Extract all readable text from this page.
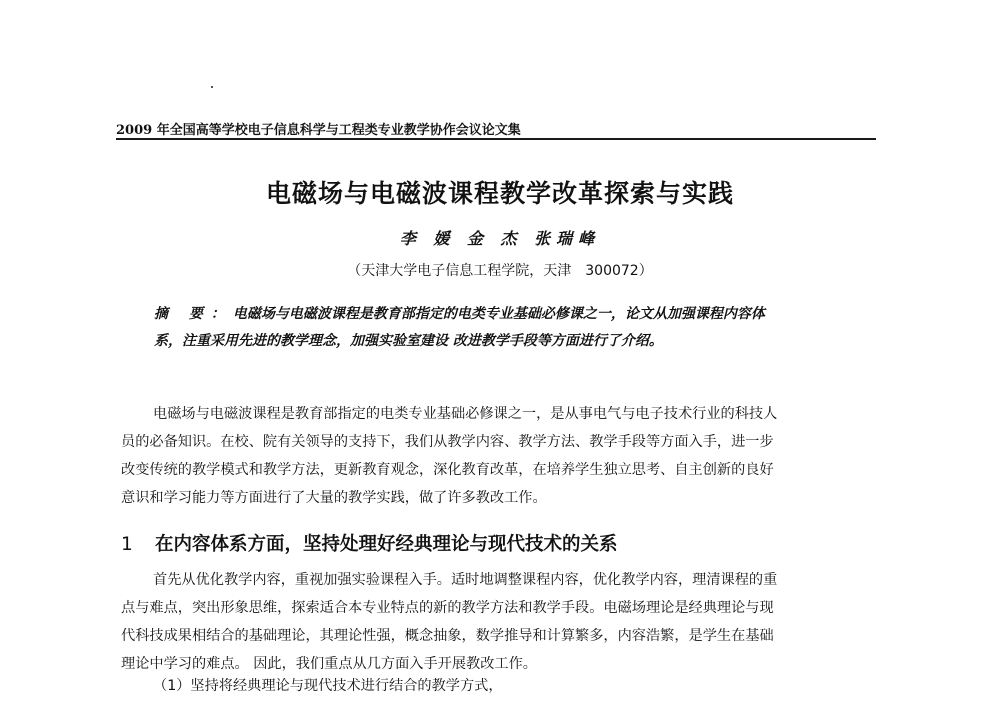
2009 年全国高等学校电子信息科学与工程类专业教学协作会议论文集
电磁场与电磁波课程教学改革探索与实践
李 媛 金 杰 张瑞峰
（天津大学电子信息工程学院，天津　300072）
摘 要：电磁场与电磁波课程是教育部指定的电类专业基础必修课之一，论文从加强课程内容体
系，注重采用先进的教学理念，加强实验室建设 改进教学手段等方面进行了介绍。
电磁场与电磁波课程是教育部指定的电类专业基础必修课之一，是从事电气与电子技术行业的科技人
员的必备知识。在校、院有关领导的支持下，我们从教学内容、教学方法、教学手段等方面入手，进一步
改变传统的教学模式和教学方法，更新教育观念，深化教育改革，在培养学生独立思考、自主创新的良好
意识和学习能力等方面进行了大量的教学实践，做了许多教改工作。
1 在内容体系方面，坚持处理好经典理论与现代技术的关系
首先从优化教学内容，重视加强实验课程入手。适时地调整课程内容，优化教学内容，理清课程的重
点与难点，突出形象思维，探索适合本专业特点的新的教学方法和教学手段。电磁场理论是经典理论与现
代科技成果相结合的基础理论，其理论性强，概念抽象，数学推导和计算繁多，内容浩繁，是学生在基础
理论中学习的难点。 因此，我们重点从几方面入手开展教改工作。
（1）坚持将经典理论与现代技术进行结合的教学方式，
